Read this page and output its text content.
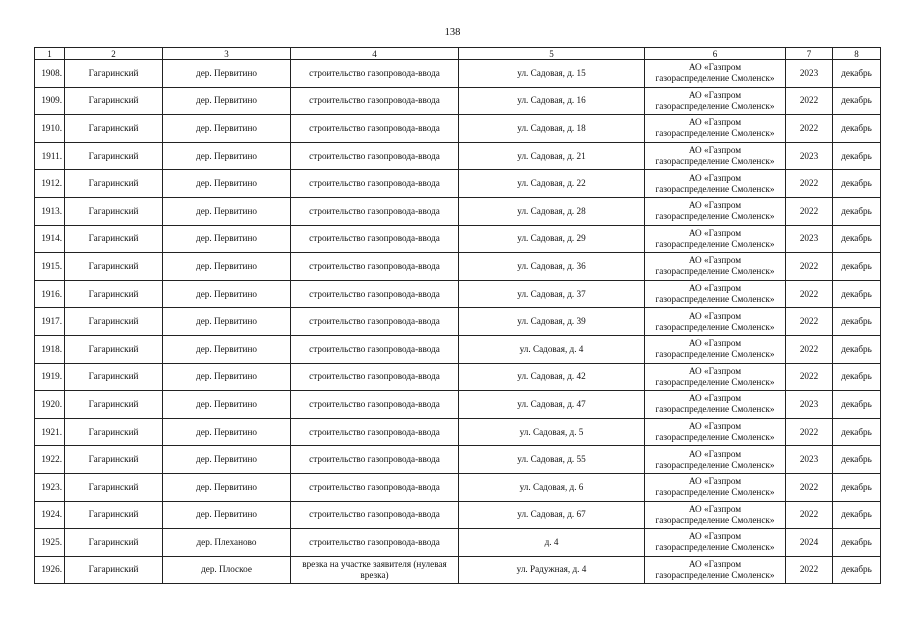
138
1	2	3	4	5	6	7	8
1908.	Гагаринский	дер. Первитино	строительство газопровода-ввода	ул. Садовая, д. 15	АО «Газпром
газораспределение Смоленск»	2023	декабрь
1909.	Гагаринский	дер. Первитино	строительство газопровода-ввода	ул. Садовая, д. 16	АО «Газпром
газораспределение Смоленск»	2022	декабрь
1910.	Гагаринский	дер. Первитино	строительство газопровода-ввода	ул. Садовая, д. 18	АО «Газпром
газораспределение Смоленск»	2022	декабрь
1911.	Гагаринский	дер. Первитино	строительство газопровода-ввода	ул. Садовая, д. 21	АО «Газпром
газораспределение Смоленск»	2023	декабрь
1912.	Гагаринский	дер. Первитино	строительство газопровода-ввода	ул. Садовая, д. 22	АО «Газпром
газораспределение Смоленск»	2022	декабрь
1913.	Гагаринский	дер. Первитино	строительство газопровода-ввода	ул. Садовая, д. 28	АО «Газпром
газораспределение Смоленск»	2022	декабрь
1914.	Гагаринский	дер. Первитино	строительство газопровода-ввода	ул. Садовая, д. 29	АО «Газпром
газораспределение Смоленск»	2023	декабрь
1915.	Гагаринский	дер. Первитино	строительство газопровода-ввода	ул. Садовая, д. 36	АО «Газпром
газораспределение Смоленск»	2022	декабрь
1916.	Гагаринский	дер. Первитино	строительство газопровода-ввода	ул. Садовая, д. 37	АО «Газпром
газораспределение Смоленск»	2022	декабрь
1917.	Гагаринский	дер. Первитино	строительство газопровода-ввода	ул. Садовая, д. 39	АО «Газпром
газораспределение Смоленск»	2022	декабрь
1918.	Гагаринский	дер. Первитино	строительство газопровода-ввода	ул. Садовая, д. 4	АО «Газпром
газораспределение Смоленск»	2022	декабрь
1919.	Гагаринский	дер. Первитино	строительство газопровода-ввода	ул. Садовая, д. 42	АО «Газпром
газораспределение Смоленск»	2022	декабрь
1920.	Гагаринский	дер. Первитино	строительство газопровода-ввода	ул. Садовая, д. 47	АО «Газпром
газораспределение Смоленск»	2023	декабрь
1921.	Гагаринский	дер. Первитино	строительство газопровода-ввода	ул. Садовая, д. 5	АО «Газпром
газораспределение Смоленск»	2022	декабрь
1922.	Гагаринский	дер. Первитино	строительство газопровода-ввода	ул. Садовая, д. 55	АО «Газпром
газораспределение Смоленск»	2023	декабрь
1923.	Гагаринский	дер. Первитино	строительство газопровода-ввода	ул. Садовая, д. 6	АО «Газпром
газораспределение Смоленск»	2022	декабрь
1924.	Гагаринский	дер. Первитино	строительство газопровода-ввода	ул. Садовая, д. 67	АО «Газпром
газораспределение Смоленск»	2022	декабрь
1925.	Гагаринский	дер. Плеханово	строительство газопровода-ввода	д. 4	АО «Газпром
газораспределение Смоленск»	2024	декабрь
1926.	Гагаринский	дер. Плоское	врезка на участке заявителя (нулевая врезка)	ул. Радужная, д. 4	АО «Газпром
газораспределение Смоленск»	2022	декабрь
